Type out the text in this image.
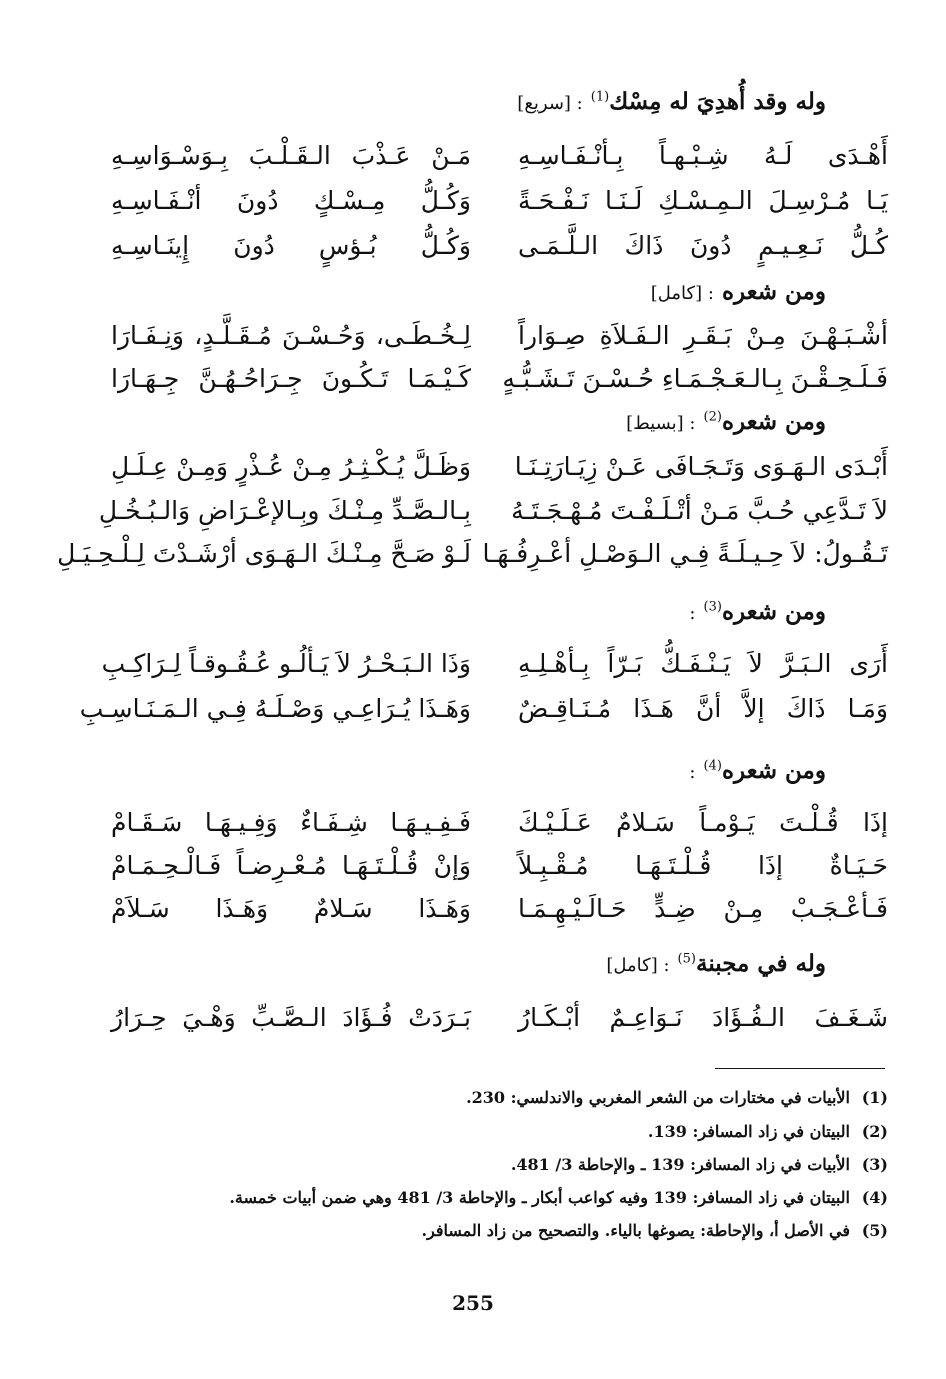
وله وقد أُهدِيَ له مِسْك$^{(1)}$ : [سريع]
أَهْـدَى لَـهُ شِـبْـهـاً بِـأنْـفَـاسِـهِ
مَـنْ عَـذْبَ الـقَـلْـبَ بِـوَسْـوَاسِـهِ
يَـا مُـرْسِـلَ الـمِـسْـكِ لَـنَـا نَـفْـحَـةً
وَكُـلُّ مِـسْـكٍ دُونَ أنْـفَـاسِـهِ
كُـلُّ نَـعِـيـمٍ دُونَ ذَاكَ الـلَّـمَـى
وَكُـلُّ بُـؤسٍ دُونَ إِينَـاسِـهِ
ومن شعره : [كامل]
أشْـبَـهْـنَ مِـنْ بَـقَـرِ الـفَـلاَةِ صِـوَاراً
لِـخُـطَـى، وَحُـسْـنَ مُـقَـلَّـدٍ، وَنِـفَـارَا
فَـلَـحِـقْـنَ بِـالـعَـجْـمَـاءِ حُـسْـنَ تَـشَـبُّـهٍ
كَـيْـمَـا تَـكُـونَ جِـرَاحُـهُـنَّ جِـهَـارَا
ومن شعره$^{(2)}$ : [بسيط]
أَبْـدَى الـهَـوَى وَتَـجَـافَى عَـنْ زِيَـارَتِـنَـا
وَظَـلَّ يُـكْـثِـرُ مِـنْ عُـذْرٍ وَمِـنْ عِـلَـلِ
لاَ تَـدَّعِي حُـبَّ مَـنْ أتْـلَـفْـتَ مُـهْـجَـتَـهُ
بِـالـصَّـدِّ مِـنْـكَ وبِـالإعْـرَاضِ وَالـبُـخُـلِ
تَـقُـولُ: لاَ حِـيـلَـةً فِـي الـوَصْـلِ أعْـرِفُـهَـا
لَـوْ صَـحَّ مِـنْـكَ الـهَـوَى أرْشَـدْتَ لِـلْـحِـيَـلِ
ومن شعره$^{(3)}$ :
أَرَى الـبَـرَّ لاَ يَـنْـفَـكُّ بَـرّاً بِـأهْـلِـهِ
وَذَا الـبَـحْـرُ لاَ يَـألُـو عُـقُـوقـاً لِـرَاكِـبِ
وَمَـا ذَاكَ إلاَّ أنَّ هَـذَا مُـنَـاقِـضٌ
وَهَـذَا يُـرَاعِـي وَصْـلَـهُ فِـي الـمَـنَـاسِـبِ
ومن شعره$^{(4)}$ :
إذَا قُـلْـتَ يَـوْمـاً سَـلامٌ عَـلَـيْـكَ
فَـفِـيـهَـا شِـفَـاءٌ وَفِـيـهَـا سَـقَـامْ
حَـيَـاةٌ إذَا قُـلْـتَـهَـا مُـقْـبِـلاً
وَإنْ قُـلْـتَـهَـا مُـعْـرِضـاً فَـالْـحِـمَـامْ
فَـأعْـجَـبْ مِـنْ ضِـدٍّ حَـالَـيْـهِـمَـا
وَهَـذَا سَـلامٌ وَهَـذَا سَـلاَمْ
وله في مجبنة$^{(5)}$ : [كامل]
شَـغَـفَ الـفُـؤَادَ نَـوَاعِـمٌ أبْـكَـارُ
بَـرَدَتْ فُـؤَادَ الـصَّـبِّ وَهْـيَ حِـرَارُ
(1)الأبيات في مختارات من الشعر المغربي والاندلسي: 230.
(2)البيتان في زاد المسافر: 139.
(3)الأبيات في زاد المسافر: 139 ـ والإحاطة 3/ 481.
(4)البيتان في زاد المسافر: 139 وفيه كواعب أبكار ـ والإحاطة 3/ 481 وهي ضمن أبيات خمسة.
(5)في الأصل أ، والإحاطة: يصوغها بالياء. والتصحيح من زاد المسافر.
255
